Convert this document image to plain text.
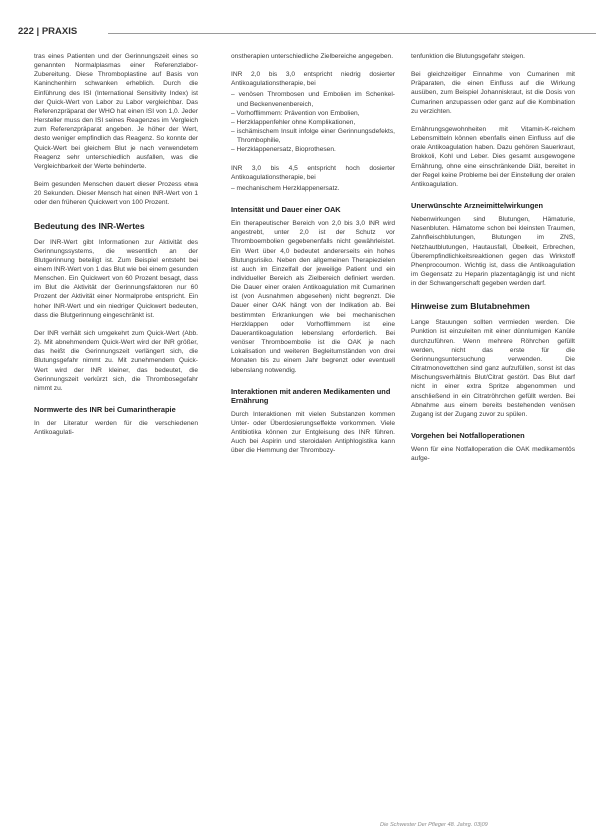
222 | PRAXIS

tras eines Patienten und der Gerinnungszeit eines so genannten Normalplasmas einer Referenzlabor-Zubereitung. Diese Thromboplastine auf Basis von Kaninchenhirn schwanken erheblich. Durch die Einführung des ISI (International Sensitivity Index) ist der Quick-Wert von Labor zu Labor vergleichbar. Das Referenzpräparat der WHO hat einen ISI von 1,0. Jeder Hersteller muss den ISI seines Reagenzes im Vergleich zum Referenzpräparat angeben. Je höher der Wert, desto weniger empfindlich das Reagenz. So konnte der Quick-Wert bei gleichem Blut je nach verwendetem Reagenz sehr unterschiedlich ausfallen, was die Vergleichbarkeit der Werte behinderte.

Beim gesunden Menschen dauert dieser Prozess etwa 20 Sekunden. Dieser Mensch hat einen INR-Wert von 1 oder den früheren Quickwert von 100 Prozent.

Bedeutung des INR-Wertes

Der INR-Wert gibt Informationen zur Aktivität des Gerinnungssystems, die wesentlich an der Blutgerinnung beteiligt ist. Zum Beispiel entsteht bei einem INR-Wert von 1 das Blut wie bei einem gesunden Menschen. Ein Quickwert von 60 Prozent besagt, dass im Blut die Aktivität der Gerinnungsfaktoren nur 60 Prozent der Aktivität einer Normalprobe entspricht. Ein hoher INR-Wert und ein niedriger Quickwert bedeuten, dass die Blutgerinnung eingeschränkt ist.

Der INR verhält sich umgekehrt zum Quick-Wert (Abb. 2). Mit abnehmendem Quick-Wert wird der INR größer, das heißt die Gerinnungszeit verlängert sich, die Blutungsgefahr nimmt zu. Mit zunehmendem Quick-Wert wird der INR kleiner, das bedeutet, die Gerinnungszeit verkürzt sich, die Thrombosegefahr nimmt zu.

Normwerte des INR bei Cumarintherapie

In der Literatur werden für die verschiedenen Antikoagulati-

onstherapien unterschiedliche Zielbereiche angegeben.

INR 2,0 bis 3,0 entspricht niedrig dosierter Antikoagulationstherapie, bei

– venösen Thrombosen und Embolien im Schenkel- und Beckenvenenbereich,
– Vorhofflimmern: Prävention von Embolien,
– Herzklappenfehler ohne Komplikationen,
– ischämischem Insult infolge einer Gerinnungsdefekts, Thrombophilie,
– Herzklappenersatz, Bioprothesen.

INR 3,0 bis 4,5 entspricht hoch dosierter Antikoagulationstherapie, bei

– mechanischem Herzklappenersatz.
Intensität und Dauer einer OAK

Ein therapeutischer Bereich von 2,0 bis 3,0 INR wird angestrebt, unter 2,0 ist der Schutz vor Thromboembolien gegebenenfalls nicht gewährleistet. Ein Wert über 4,0 bedeutet andererseits ein hohes Blutungsrisiko. Neben den allgemeinen Therapiezielen ist auch im Einzelfall der jeweilige Patient und ein individueller Bereich als Zielbereich definiert werden. Die Dauer einer oralen Antikoagulation mit Cumarinen ist (von Ausnahmen abgesehen) nicht begrenzt. Die Dauer einer OAK hängt von der Indikation ab. Bei bestimmten Erkrankungen wie bei mechanischen Herzklappen oder Vorhofflimmern ist eine Dauerantikoagulation lebenslang erforderlich. Bei venöser Thromboembolie ist die OAK je nach Lokalisation und weiteren Begleitumständen von drei Monaten bis zu einem Jahr begrenzt oder eventuell lebenslang notwendig.

Interaktionen mit anderen Medikamenten und Ernährung

Durch Interaktionen mit vielen Substanzen kommen Unter- oder Überdosierungseffekte vorkommen. Viele Antibiotika können zur Entgleisung des INR führen. Auch bei Aspirin und steroidalen Antiphlogistika kann über die Hemmung der Thrombozy-

tenfunktion die Blutungsgefahr steigen.

Bei gleichzeitiger Einnahme von Cumarinen mit Präparaten, die einen Einfluss auf die Wirkung ausüben, zum Beispiel Johanniskraut, ist die Dosis von Cumarinen anzupassen oder ganz auf die Kombination zu verzichten.

Ernährungsgewohnheiten mit Vitamin-K-reichem Lebensmitteln können ebenfalls einen Einfluss auf die orale Antikoagulation haben. Dazu gehören Sauerkraut, Brokkoli, Kohl und Leber. Dies gesamt ausgewogene Ernährung, ohne eine einschränkende Diät, bereitet in der Regel keine Probleme bei der Einstellung der oralen Antikoagulation.

Unerwünschte Arzneimittelwirkungen

Nebenwirkungen sind Blutungen, Hämaturie, Nasenbluten. Hämatome schon bei kleinsten Traumen, Zahnfleischblutungen, Blutungen im ZNS, Netzhautblutungen, Hautausfall, Übelkeit, Erbrechen, Überempfindlichkeitsreaktionen gegen das Wirkstoff Phenprocoumon. Wichtig ist, dass die Antikoagulation im Gegensatz zu Heparin plazentagängig ist und nicht in der Schwangerschaft gegeben werden darf.

Hinweise zum Blutabnehmen

Lange Stauungen sollten vermieden werden. Die Punktion ist einzuleiten mit einer dünnlumigen Kanüle durchzuführen. Wenn mehrere Röhrchen gefüllt werden, nicht das erste für die Gerinnungsuntersuchung verwenden. Die Citratmonovettchen sind ganz aufzufüllen, sonst ist das Mischungsverhältnis Blut/Citrat gestört. Das Blut darf nicht in einer extra Spritze abgenommen und anschließend in ein Citratröhrchen gefüllt werden. Bei Abnahme aus einem bereits bestehenden venösen Zugang ist der Zugang zuvor zu spülen.

Vorgehen bei Notfalloperationen

Wenn für eine Notfalloperation die OAK medikamentös aufge-

Die Schwester Der Pfleger 48. Jahrg. 03|09
